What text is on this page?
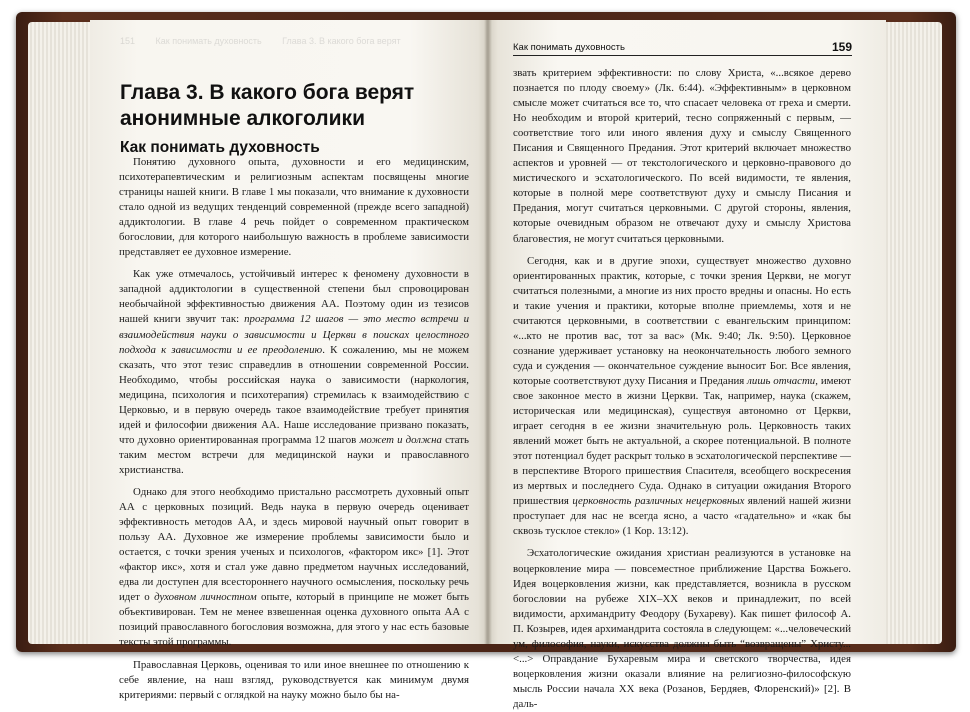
151 Как понимать духовность Глава 3. В какого бога верят
Глава 3. В какого бога верят анонимные алкоголики
Как понимать духовность

Понятию духовного опыта, духовности и его медицинским, психотерапевтическим и религиозным аспектам посвящены многие страницы нашей книги. В главе 1 мы показали, что внимание к духовности стало одной из ведущих тенденций современной (прежде всего западной) аддиктологии. В главе 4 речь пойдет о современном практическом богословии, для которого наибольшую важность в проблеме зависимости представляет ее духовное измерение.

Как уже отмечалось, устойчивый интерес к феномену духовности в западной аддиктологии в существенной степени был спровоцирован необычайной эффективностью движения АА. Поэтому один из тезисов нашей книги звучит так: программа 12 шагов — это место встречи и взаимодействия науки о зависимости и Церкви в поисках целостного подхода к зависимости и ее преодолению. К сожалению, мы не можем сказать, что этот тезис справедлив в отношении современной России. Необходимо, чтобы российская наука о зависимости (наркология, медицина, психология и психотерапия) стремилась к взаимодействию с Церковью, и в первую очередь такое взаимодействие требует принятия идей и философии движения АА. Наше исследование призвано показать, что духовно ориентированная программа 12 шагов может и должна стать таким местом встречи для медицинской науки и православного христианства.

Однако для этого необходимо пристально рассмотреть духовный опыт АА с церковных позиций. Ведь наука в первую очередь оценивает эффективность методов АА, и здесь мировой научный опыт говорит в пользу АА. Духовное же измерение проблемы зависимости было и остается, с точки зрения ученых и психологов, «фактором икс» [1]. Этот «фактор икс», хотя и стал уже давно предметом научных исследований, едва ли доступен для всестороннего научного осмысления, поскольку речь идет о духовном личностном опыте, который в принципе не может быть объективирован. Тем не менее взвешенная оценка духовного опыта АА с позиций православного богословия возможна, для этого у нас есть базовые тексты этой программы.

Православная Церковь, оценивая то или иное внешнее по отношению к себе явление, на наш взгляд, руководствуется как минимум двумя критериями: первый с оглядкой на науку можно было бы на-

Как понимать духовность	159

звать критерием эффективности: по слову Христа, «...всякое дерево познается по плоду своему» (Лк. 6:44). «Эффективным» в церковном смысле может считаться все то, что спасает человека от греха и смерти. Но необходим и второй критерий, тесно сопряженный с первым, — соответствие того или иного явления духу и смыслу Священного Писания и Священного Предания. Этот критерий включает множество аспектов и уровней — от текстологического и церковно-правового до мистического и эсхатологического. По всей видимости, те явления, которые в полной мере соответствуют духу и смыслу Писания и Предания, могут считаться церковными. С другой стороны, явления, которые очевидным образом не отвечают духу и смыслу Христова благовестия, не могут считаться церковными.

Сегодня, как и в другие эпохи, существует множество духовно ориентированных практик, которые, с точки зрения Церкви, не могут считаться полезными, а многие из них просто вредны и опасны. Но есть и такие учения и практики, которые вполне приемлемы, хотя и не считаются церковными, в соответствии с евангельским принципом: «...кто не против вас, тот за вас» (Мк. 9:40; Лк. 9:50). Церковное сознание удерживает установку на неокончательность любого земного суда и суждения — окончательное суждение выносит Бог. Все явления, которые соответствуют духу Писания и Предания лишь отчасти, имеют свое законное место в жизни Церкви. Так, например, наука (скажем, историческая или медицинская), существуя автономно от Церкви, играет сегодня в ее жизни значительную роль. Церковность таких явлений может быть не актуальной, а скорее потенциальной. В полноте этот потенциал будет раскрыт только в эсхатологической перспективе — в перспективе Второго пришествия Спасителя, всеобщего воскресения из мертвых и последнего Суда. Однако в ситуации ожидания Второго пришествия церковность различных нецерковных явлений нашей жизни проступает для нас не всегда ясно, а часто «гадательно» и «как бы сквозь тусклое стекло» (1 Кор. 13:12).

Эсхатологические ожидания христиан реализуются в установке на воцерковление мира — повсеместное приближение Царства Божьего. Идея воцерковления жизни, как представляется, возникла в русском богословии на рубеже XIX–XX веков и принадлежит, по всей видимости, архимандриту Феодору (Бухареву). Как пишет философ А. П. Козырев, идея архимандрита состояла в следующем: «...человеческий ум, философия, науки, искусства должны быть “возвращены” Христу... <...> Оправдание Бухаревым мира и светского творчества, идея воцерковления жизни оказали влияние на религиозно-философскую мысль России начала XX века (Розанов, Бердяев, Флоренский)» [2]. В даль-
